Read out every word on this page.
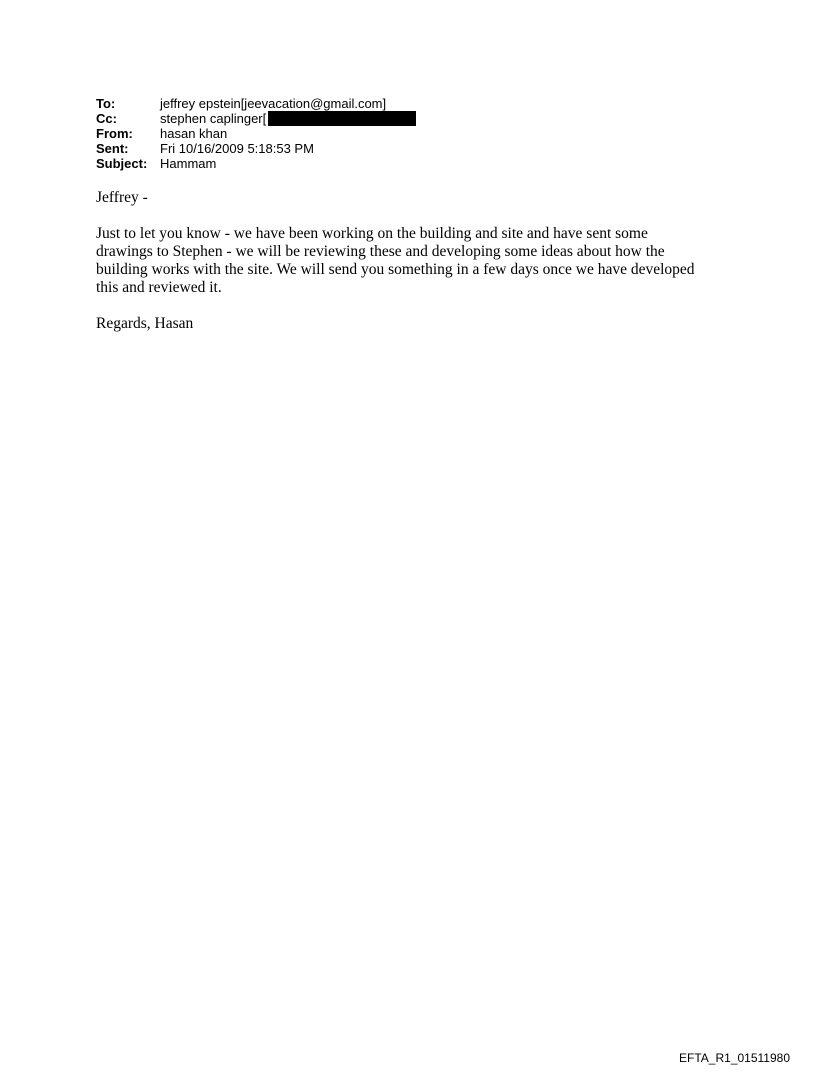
To:	jeffrey epstein[jeevacation@gmail.com]
Cc:	stephen caplinger[
From:	hasan khan
Sent:	Fri 10/16/2009 5:18:53 PM
Subject: Hammam

Jeffrey -

Just to let you know - we have been working on the building and site and have sent some
drawings to Stephen - we will be reviewing these and developing some ideas about how the
building works with the site. We will send you something in a few days once we have developed
this and reviewed it.

Regards, Hasan

EFTA_R1_01511980
